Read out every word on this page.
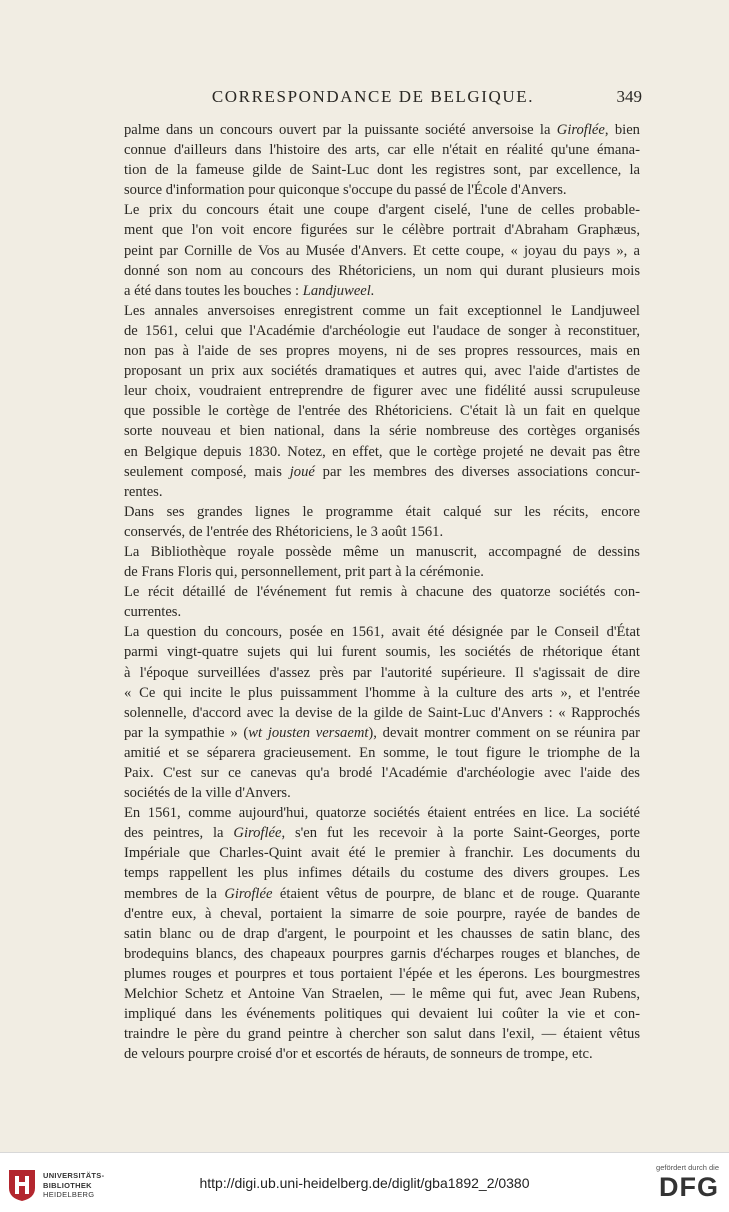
CORRESPONDANCE DE BELGIQUE.	349

palme dans un concours ouvert par la puissante société anversoise la Giroflée, bien
connue d'ailleurs dans l'histoire des arts, car elle n'était en réalité qu'une émana-
tion de la fameuse gilde de Saint-Luc dont les registres sont, par excellence, la
source d'information pour quiconque s'occupe du passé de l'École d'Anvers.

Le prix du concours était une coupe d'argent ciselé, l'une de celles probable-
ment que l'on voit encore figurées sur le célèbre portrait d'Abraham Graphæus,
peint par Cornille de Vos au Musée d'Anvers. Et cette coupe, « joyau du pays », a
donné son nom au concours des Rhétoriciens, un nom qui durant plusieurs mois
a été dans toutes les bouches : Landjuweel.

Les annales anversoises enregistrent comme un fait exceptionnel le Landjuweel
de 1561, celui que l'Académie d'archéologie eut l'audace de songer à reconstituer,
non pas à l'aide de ses propres moyens, ni de ses propres ressources, mais en
proposant un prix aux sociétés dramatiques et autres qui, avec l'aide d'artistes de
leur choix, voudraient entreprendre de figurer avec une fidélité aussi scrupuleuse
que possible le cortège de l'entrée des Rhétoriciens. C'était là un fait en quelque
sorte nouveau et bien national, dans la série nombreuse des cortèges organisés
en Belgique depuis 1830. Notez, en effet, que le cortège projeté ne devait pas être
seulement composé, mais joué par les membres des diverses associations concur-
rentes.

Dans ses grandes lignes le programme était calqué sur les récits, encore
conservés, de l'entrée des Rhétoriciens, le 3 août 1561.

La Bibliothèque royale possède même un manuscrit, accompagné de dessins
de Frans Floris qui, personnellement, prit part à la cérémonie.

Le récit détaillé de l'événement fut remis à chacune des quatorze sociétés con-
currentes.

La question du concours, posée en 1561, avait été désignée par le Conseil d'État
parmi vingt-quatre sujets qui lui furent soumis, les sociétés de rhétorique étant
à l'époque surveillées d'assez près par l'autorité supérieure. Il s'agissait de dire
« Ce qui incite le plus puissamment l'homme à la culture des arts », et l'entrée
solennelle, d'accord avec la devise de la gilde de Saint-Luc d'Anvers : « Rapprochés
par la sympathie » (wt jousten versaemt), devait montrer comment on se réunira par
amitié et se séparera gracieusement. En somme, le tout figure le triomphe de la
Paix. C'est sur ce canevas qu'a brodé l'Académie d'archéologie avec l'aide des
sociétés de la ville d'Anvers.

En 1561, comme aujourd'hui, quatorze sociétés étaient entrées en lice. La société
des peintres, la Giroflée, s'en fut les recevoir à la porte Saint-Georges, porte
Impériale que Charles-Quint avait été le premier à franchir. Les documents du
temps rappellent les plus infimes détails du costume des divers groupes. Les
membres de la Giroflée étaient vêtus de pourpre, de blanc et de rouge. Quarante
d'entre eux, à cheval, portaient la simarre de soie pourpre, rayée de bandes de
satin blanc ou de drap d'argent, le pourpoint et les chausses de satin blanc, des
brodequins blancs, des chapeaux pourpres garnis d'écharpes rouges et blanches, de
plumes rouges et pourpres et tous portaient l'épée et les éperons. Les bourgmestres
Melchior Schetz et Antoine Van Straelen, — le même qui fut, avec Jean Rubens,
impliqué dans les événements politiques qui devaient lui coûter la vie et con-
traindre le père du grand peintre à chercher son salut dans l'exil, — étaient vêtus
de velours pourpre croisé d'or et escortés de hérauts, de sonneurs de trompe, etc.

UNIVERSITÄTS-
BIBLIOTHEK
HEIDELBERG
http://digi.ub.uni-heidelberg.de/diglit/gba1892_2/0380
gefördert durch die
DFG
